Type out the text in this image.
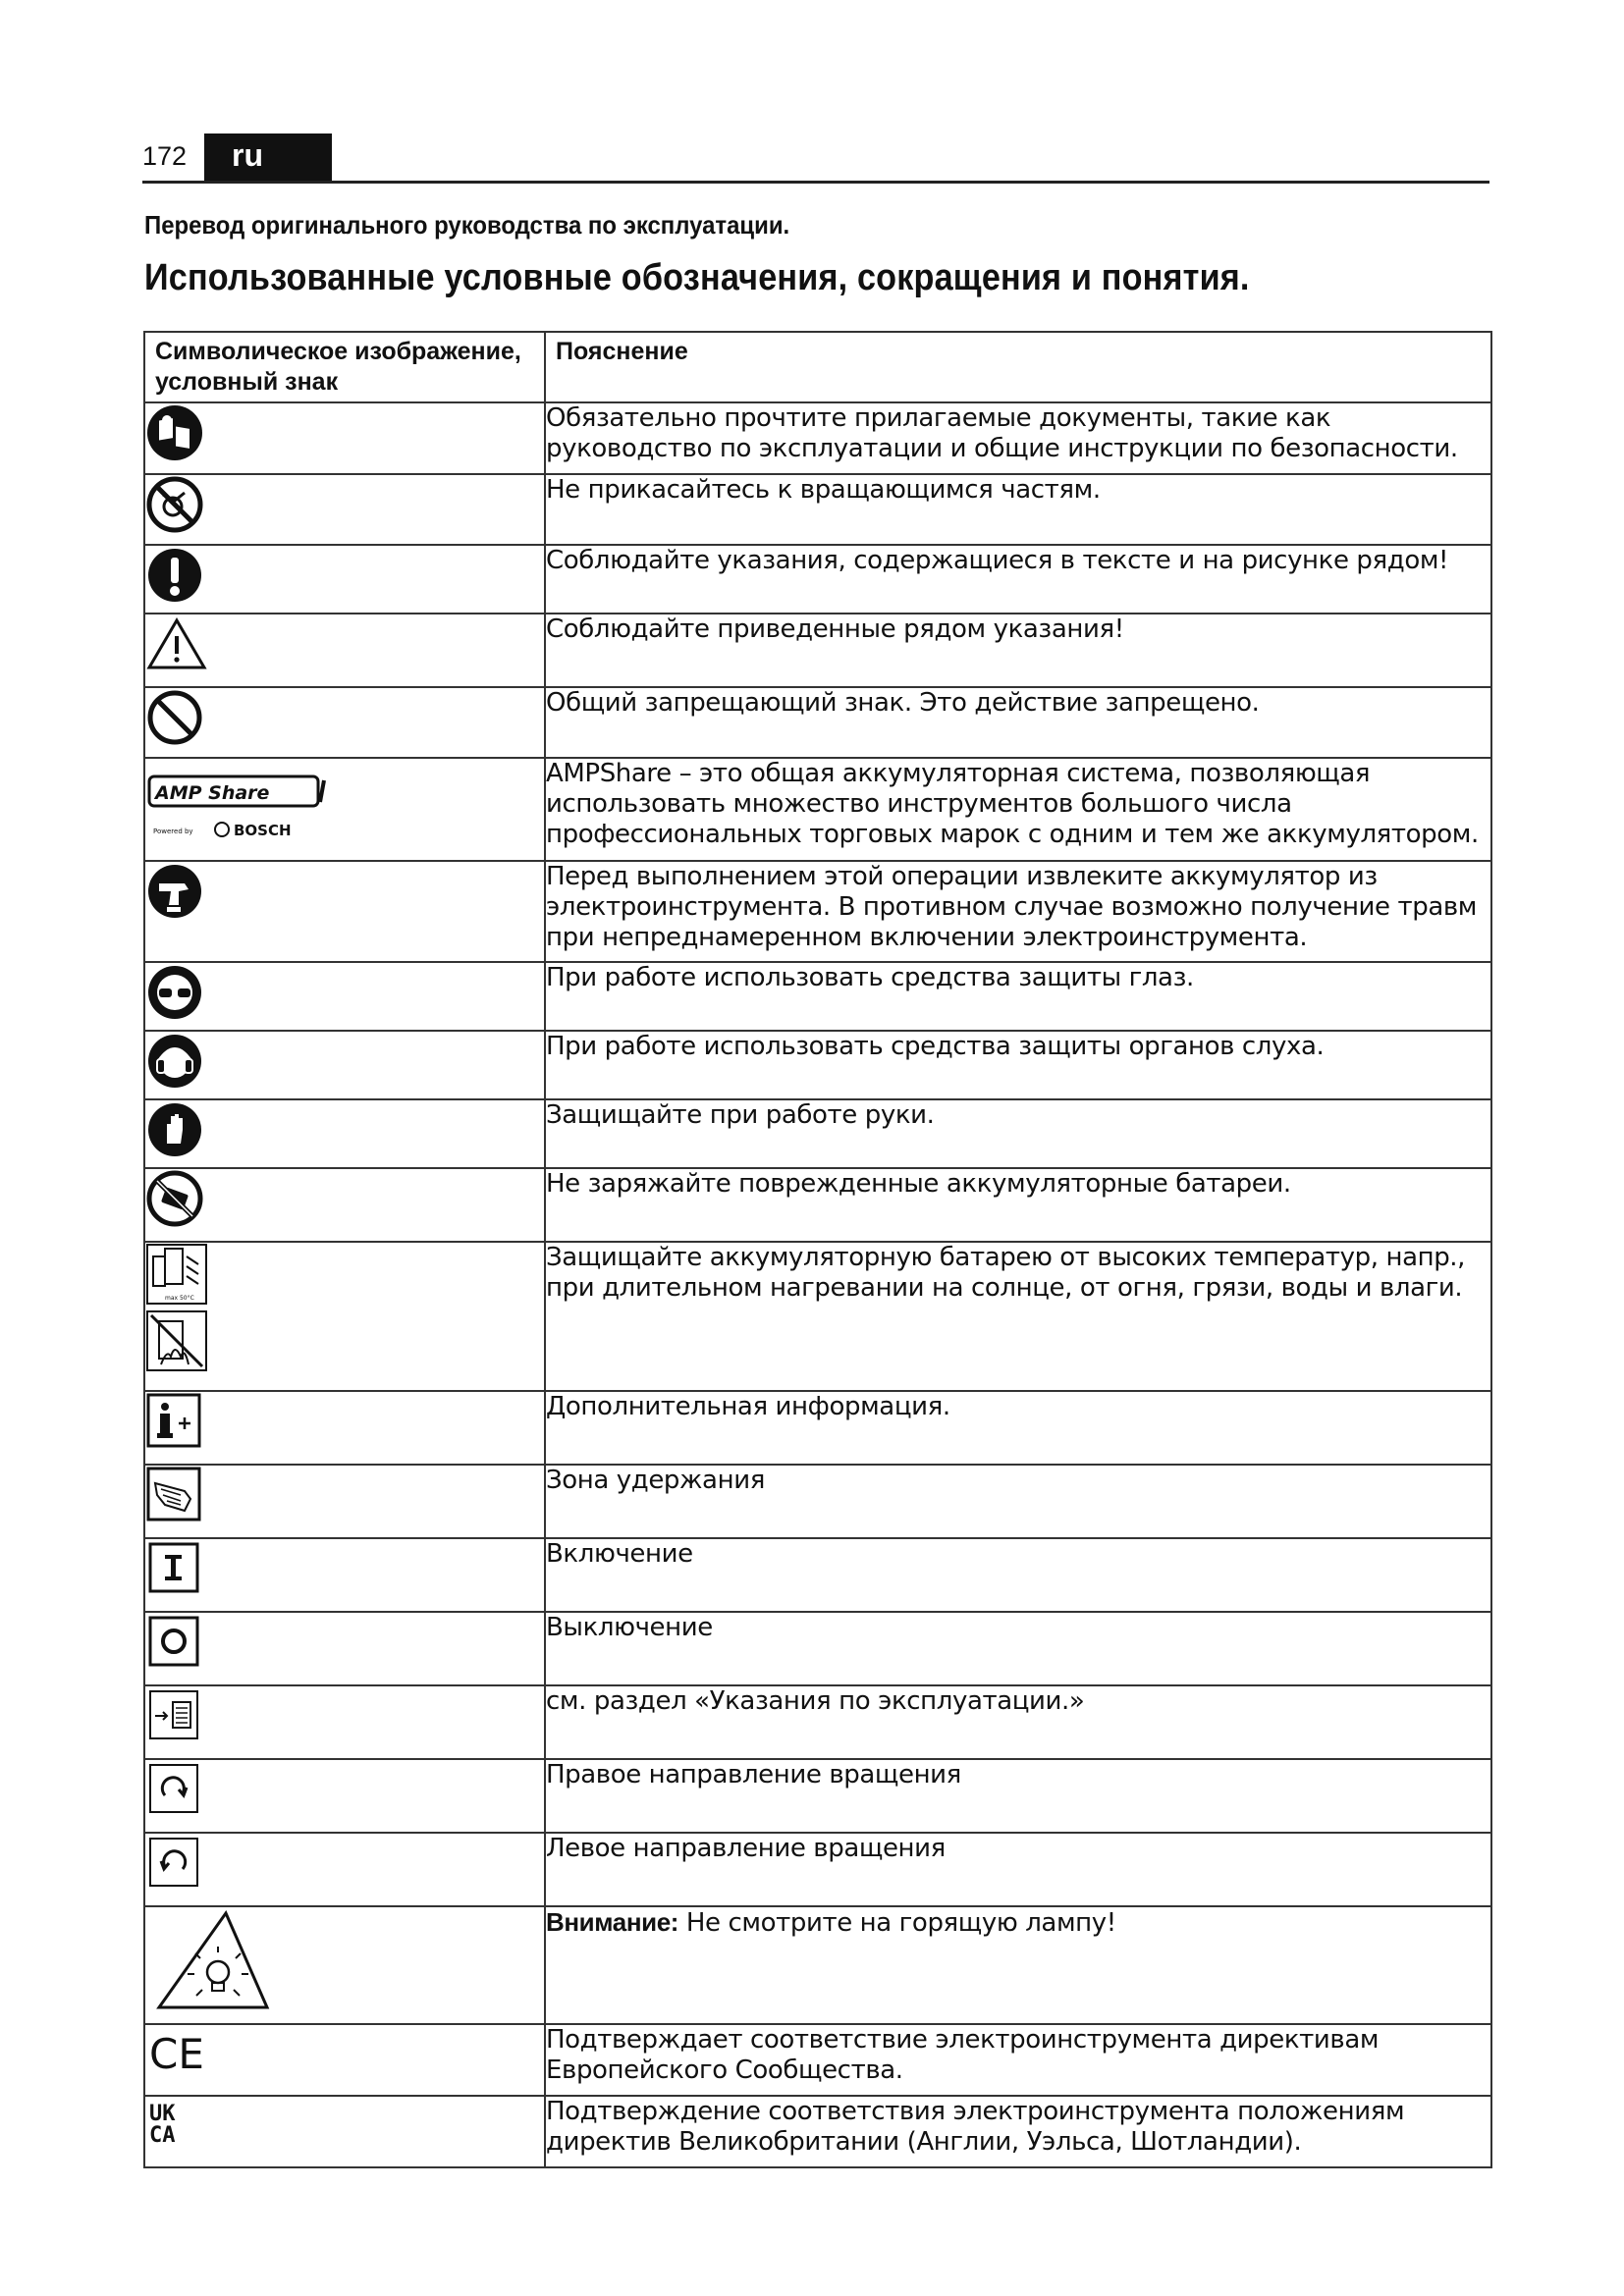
172	ru
Перевод оригинального руководства по эксплуатации.
Использованные условные обозначения, сокращения и понятия.
Символическое изображение, условный знак	Пояснение

	Обязательно прочтите прилагаемые документы, такие как руководство по эксплуатации и общие инструкции по безопасности.

	Не прикасайтесь к вращающимся частям.

	Соблюдайте указания, содержащиеся в тексте и на рисунке рядом!

	Соблюдайте приведенные рядом указания!

	Общий запрещающий знак. Это действие запрещено.

AMP Share
Powered by BOSCH	AMPShare – это общая аккумуляторная система, позволяющая использовать множество инструментов большого числа профессиональных торговых марок с одним и тем же аккумулятором.

	Перед выполнением этой операции извлеките аккумулятор из электроинструмента. В противном случае возможно получение травм при непреднамеренном включении электроинструмента.

	При работе использовать средства защиты глаз.

	При работе использовать средства защиты органов слуха.

	Защищайте при работе руки.

	Не заряжайте поврежденные аккумуляторные батареи.

max 50°C	Защищайте аккумуляторную батарею от высоких температур, напр., при длительном нагревании на солнце, от огня, грязи, воды и влаги.

	Дополнительная информация.

	Зона удержания

	Включение

	Выключение

	см. раздел «Указания по эксплуатации.»

	Правое направление вращения

	Левое направление вращения

	Внимание: Не смотрите на горящую лампу!

CE	Подтверждает соответствие электроинструмента директивам Европейского Сообщества.

UK
CA	Подтверждение соответствия электроинструмента положениям директив Великобритании (Англии, Уэльса, Шотландии).
